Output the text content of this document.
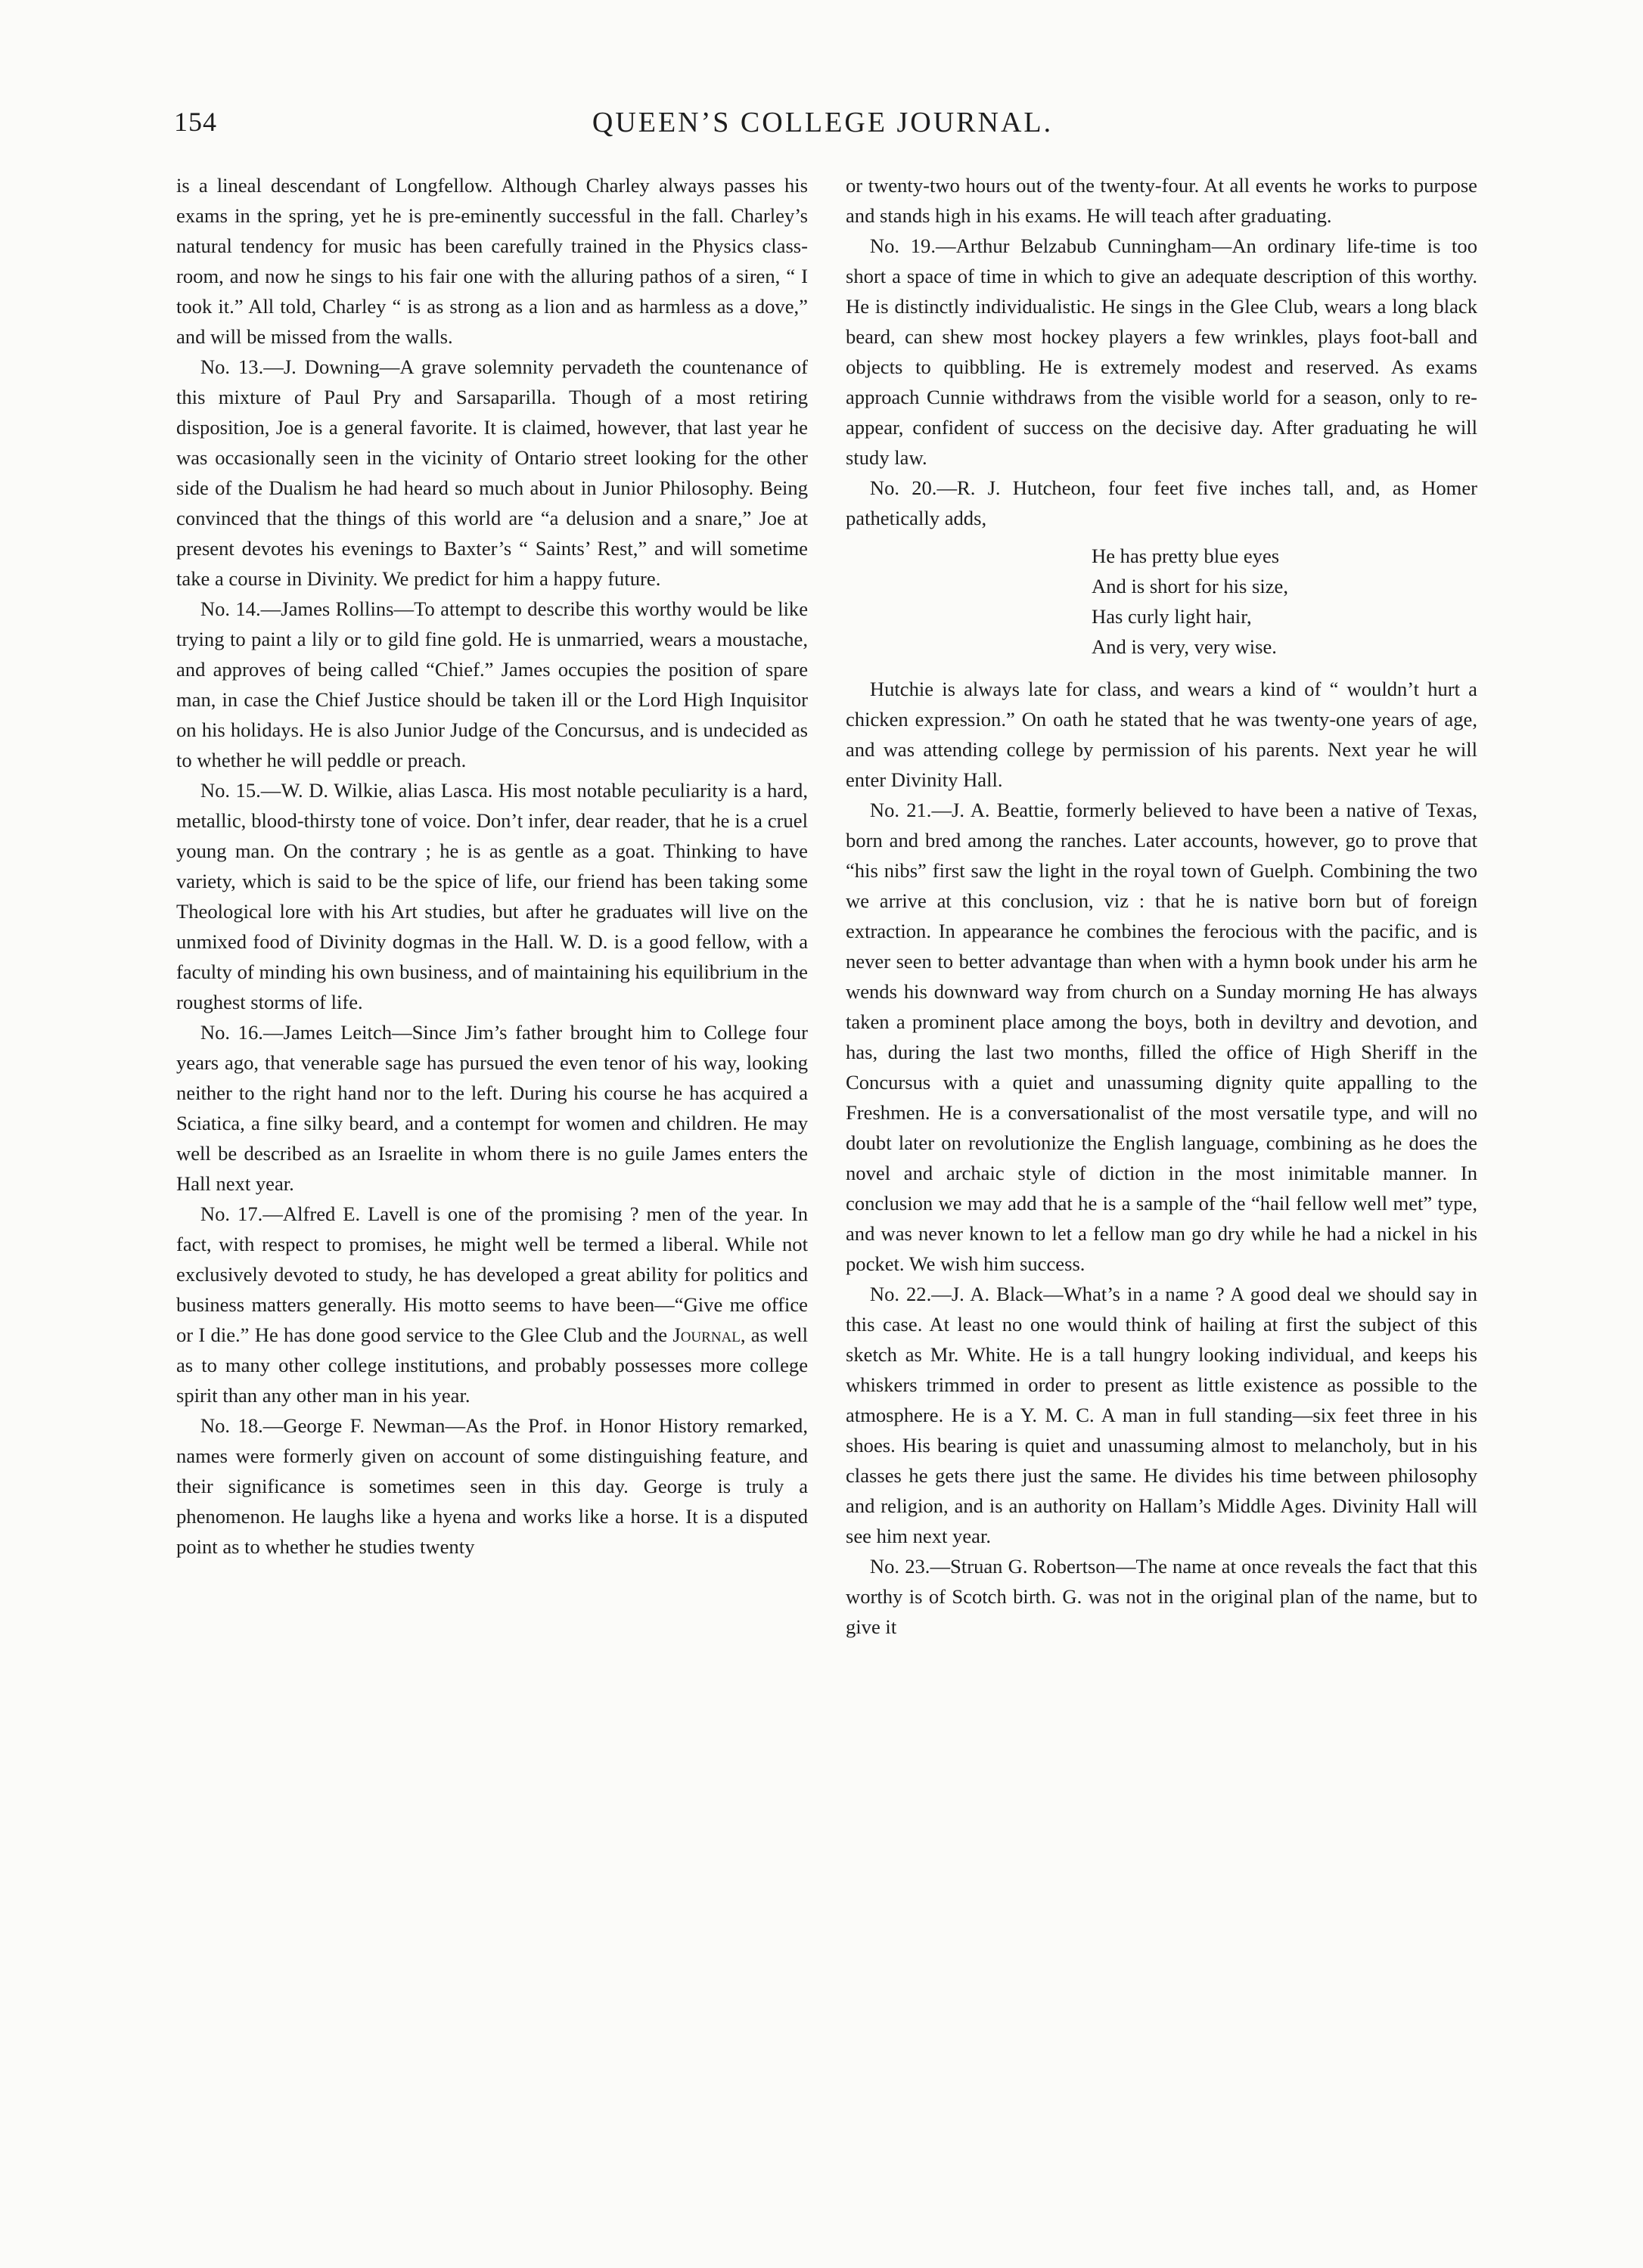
154	QUEEN’S COLLEGE JOURNAL.

is a lineal descendant of Longfellow. Although Charley always passes his exams in the spring, yet he is pre-eminently successful in the fall. Charley’s natural tendency for music has been carefully trained in the Physics class-room, and now he sings to his fair one with the alluring pathos of a siren, “ I took it.” All told, Charley “ is as strong as a lion and as harmless as a dove,” and will be missed from the walls.

No. 13.—J. Downing—A grave solemnity pervadeth the countenance of this mixture of Paul Pry and Sarsaparilla. Though of a most retiring disposition, Joe is a general favorite. It is claimed, however, that last year he was occasionally seen in the vicinity of Ontario street looking for the other side of the Dualism he had heard so much about in Junior Philosophy. Being convinced that the things of this world are “a delusion and a snare,” Joe at present devotes his evenings to Baxter’s “ Saints’ Rest,” and will sometime take a course in Divinity. We predict for him a happy future.

No. 14.—James Rollins—To attempt to describe this worthy would be like trying to paint a lily or to gild fine gold. He is unmarried, wears a moustache, and approves of being called “Chief.” James occupies the position of spare man, in case the Chief Justice should be taken ill or the Lord High Inquisitor on his holidays. He is also Junior Judge of the Concursus, and is undecided as to whether he will peddle or preach.

No. 15.—W. D. Wilkie, alias Lasca. His most notable peculiarity is a hard, metallic, blood-thirsty tone of voice. Don’t infer, dear reader, that he is a cruel young man. On the contrary ; he is as gentle as a goat. Thinking to have variety, which is said to be the spice of life, our friend has been taking some Theological lore with his Art studies, but after he graduates will live on the unmixed food of Divinity dogmas in the Hall. W. D. is a good fellow, with a faculty of minding his own business, and of maintaining his equilibrium in the roughest storms of life.

No. 16.—James Leitch—Since Jim’s father brought him to College four years ago, that venerable sage has pursued the even tenor of his way, looking neither to the right hand nor to the left. During his course he has acquired a Sciatica, a fine silky beard, and a contempt for women and children. He may well be described as an Israelite in whom there is no guile James enters the Hall next year.

No. 17.—Alfred E. Lavell is one of the promising ? men of the year. In fact, with respect to promises, he might well be termed a liberal. While not exclusively devoted to study, he has developed a great ability for politics and business matters generally. His motto seems to have been—“Give me office or I die.” He has done good service to the Glee Club and the Journal, as well as to many other college institutions, and probably possesses more college spirit than any other man in his year.

No. 18.—George F. Newman—As the Prof. in Honor History remarked, names were formerly given on account of some distinguishing feature, and their significance is sometimes seen in this day. George is truly a phenomenon. He laughs like a hyena and works like a horse. It is a disputed point as to whether he studies twenty

or twenty-two hours out of the twenty-four. At all events he works to purpose and stands high in his exams. He will teach after graduating.

No. 19.—Arthur Belzabub Cunningham—An ordinary life-time is too short a space of time in which to give an adequate description of this worthy. He is distinctly individualistic. He sings in the Glee Club, wears a long black beard, can shew most hockey players a few wrinkles, plays foot-ball and objects to quibbling. He is extremely modest and reserved. As exams approach Cunnie withdraws from the visible world for a season, only to re-appear, confident of success on the decisive day. After graduating he will study law.

No. 20.—R. J. Hutcheon, four feet five inches tall, and, as Homer pathetically adds,

He has pretty blue eyes
And is short for his size,
Has curly light hair,
And is very, very wise.

Hutchie is always late for class, and wears a kind of “ wouldn’t hurt a chicken expression.” On oath he stated that he was twenty-one years of age, and was attending college by permission of his parents. Next year he will enter Divinity Hall.

No. 21.—J. A. Beattie, formerly believed to have been a native of Texas, born and bred among the ranches. Later accounts, however, go to prove that “his nibs” first saw the light in the royal town of Guelph. Combining the two we arrive at this conclusion, viz : that he is native born but of foreign extraction. In appearance he combines the ferocious with the pacific, and is never seen to better advantage than when with a hymn book under his arm he wends his downward way from church on a Sunday morning He has always taken a prominent place among the boys, both in deviltry and devotion, and has, during the last two months, filled the office of High Sheriff in the Concursus with a quiet and unassuming dignity quite appalling to the Freshmen. He is a conversationalist of the most versatile type, and will no doubt later on revolutionize the English language, combining as he does the novel and archaic style of diction in the most inimitable manner. In conclusion we may add that he is a sample of the “hail fellow well met” type, and was never known to let a fellow man go dry while he had a nickel in his pocket. We wish him success.

No. 22.—J. A. Black—What’s in a name ? A good deal we should say in this case. At least no one would think of hailing at first the subject of this sketch as Mr. White. He is a tall hungry looking individual, and keeps his whiskers trimmed in order to present as little existence as possible to the atmosphere. He is a Y. M. C. A man in full standing—six feet three in his shoes. His bearing is quiet and unassuming almost to melancholy, but in his classes he gets there just the same. He divides his time between philosophy and religion, and is an authority on Hallam’s Middle Ages. Divinity Hall will see him next year.

No. 23.—Struan G. Robertson—The name at once reveals the fact that this worthy is of Scotch birth. G. was not in the original plan of the name, but to give it
